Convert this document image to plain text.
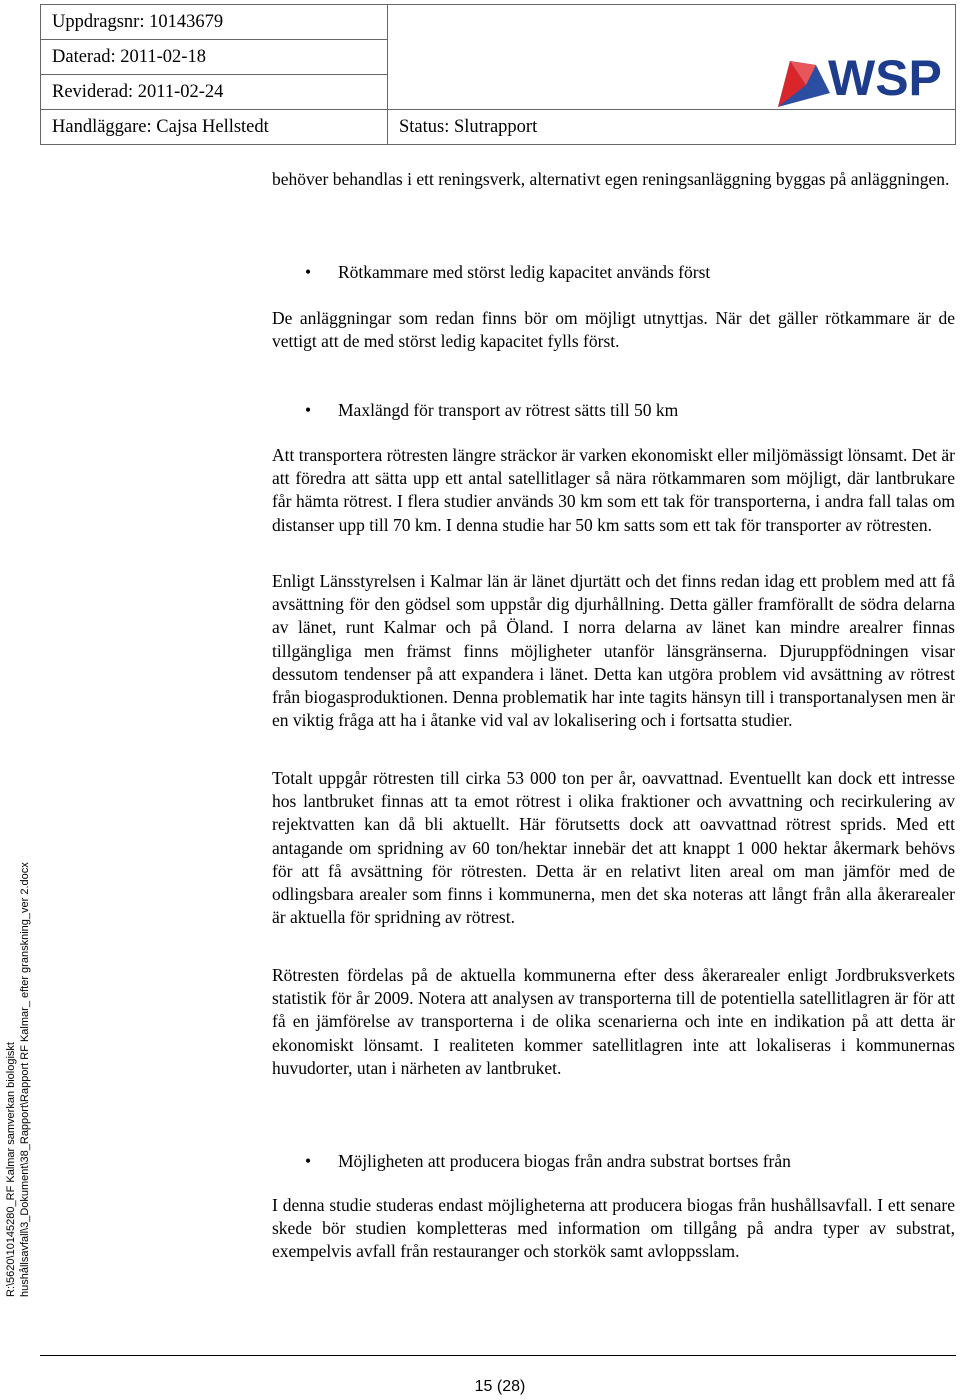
Uppdragsnr: 10143679
Daterad: 2011-02-18
Reviderad: 2011-02-24
Handläggare: Cajsa Hellstedt	Status: Slutrapport
WSP

behöver behandlas i ett reningsverk, alternativt egen reningsanläggning byggas på anläggningen.

• Rötkammare med störst ledig kapacitet används först

De anläggningar som redan finns bör om möjligt utnyttjas. När det gäller rötkammare är de vettigt att de med störst ledig kapacitet fylls först.

• Maxlängd för transport av rötrest sätts till 50 km

Att transportera rötresten längre sträckor är varken ekonomiskt eller miljömässigt lönsamt. Det är att föredra att sätta upp ett antal satellitlager så nära rötkammaren som möjligt, där lantbrukare får hämta rötrest. I flera studier används 30 km som ett tak för transporterna, i andra fall talas om distanser upp till 70 km. I denna studie har 50 km satts som ett tak för transporter av rötresten.

Enligt Länsstyrelsen i Kalmar län är länet djurtätt och det finns redan idag ett problem med att få avsättning för den gödsel som uppstår dig djurhållning. Detta gäller framförallt de södra delarna av länet, runt Kalmar och på Öland. I norra delarna av länet kan mindre arealrer finnas tillgängliga men främst finns möjligheter utanför länsgränserna. Djuruppfödningen visar dessutom tendenser på att expandera i länet. Detta kan utgöra problem vid avsättning av rötrest från biogasproduktionen. Denna problematik har inte tagits hänsyn till i transportanalysen men är en viktig fråga att ha i åtanke vid val av lokalisering och i fortsatta studier.

Totalt uppgår rötresten till cirka 53 000 ton per år, oavvattnad. Eventuellt kan dock ett intresse hos lantbruket finnas att ta emot rötrest i olika fraktioner och avvattning och recirkulering av rejektvatten kan då bli aktuellt. Här förutsetts dock att oavvattnad rötrest sprids. Med ett antagande om spridning av 60 ton/hektar innebär det att knappt 1 000 hektar åkermark behövs för att få avsättning för rötresten. Detta är en relativt liten areal om man jämför med de odlingsbara arealer som finns i kommunerna, men det ska noteras att långt från alla åkerarealer är aktuella för spridning av rötrest.

Rötresten fördelas på de aktuella kommunerna efter dess åkerarealer enligt Jordbruksverkets statistik för år 2009. Notera att analysen av transporterna till de potentiella satellitlagren är för att få en jämförelse av transporterna i de olika scenarierna och inte en indikation på att detta är ekonomiskt lönsamt. I realiteten kommer satellitlagren inte att lokaliseras i kommunernas huvudorter, utan i närheten av lantbruket.

• Möjligheten att producera biogas från andra substrat bortses från

I denna studie studeras endast möjligheterna att producera biogas från hushållsavfall. I ett senare skede bör studien kompletteras med information om tillgång på andra typer av substrat, exempelvis avfall från restauranger och storkök samt avloppsslam.

R:\5620\10145280_RF Kalmar samverkan biologiskt hushållsavfall\3_Dokument\38_Rapport\Rapport RF Kalmar_ efter granskning_ver 2.docx
15 (28)
